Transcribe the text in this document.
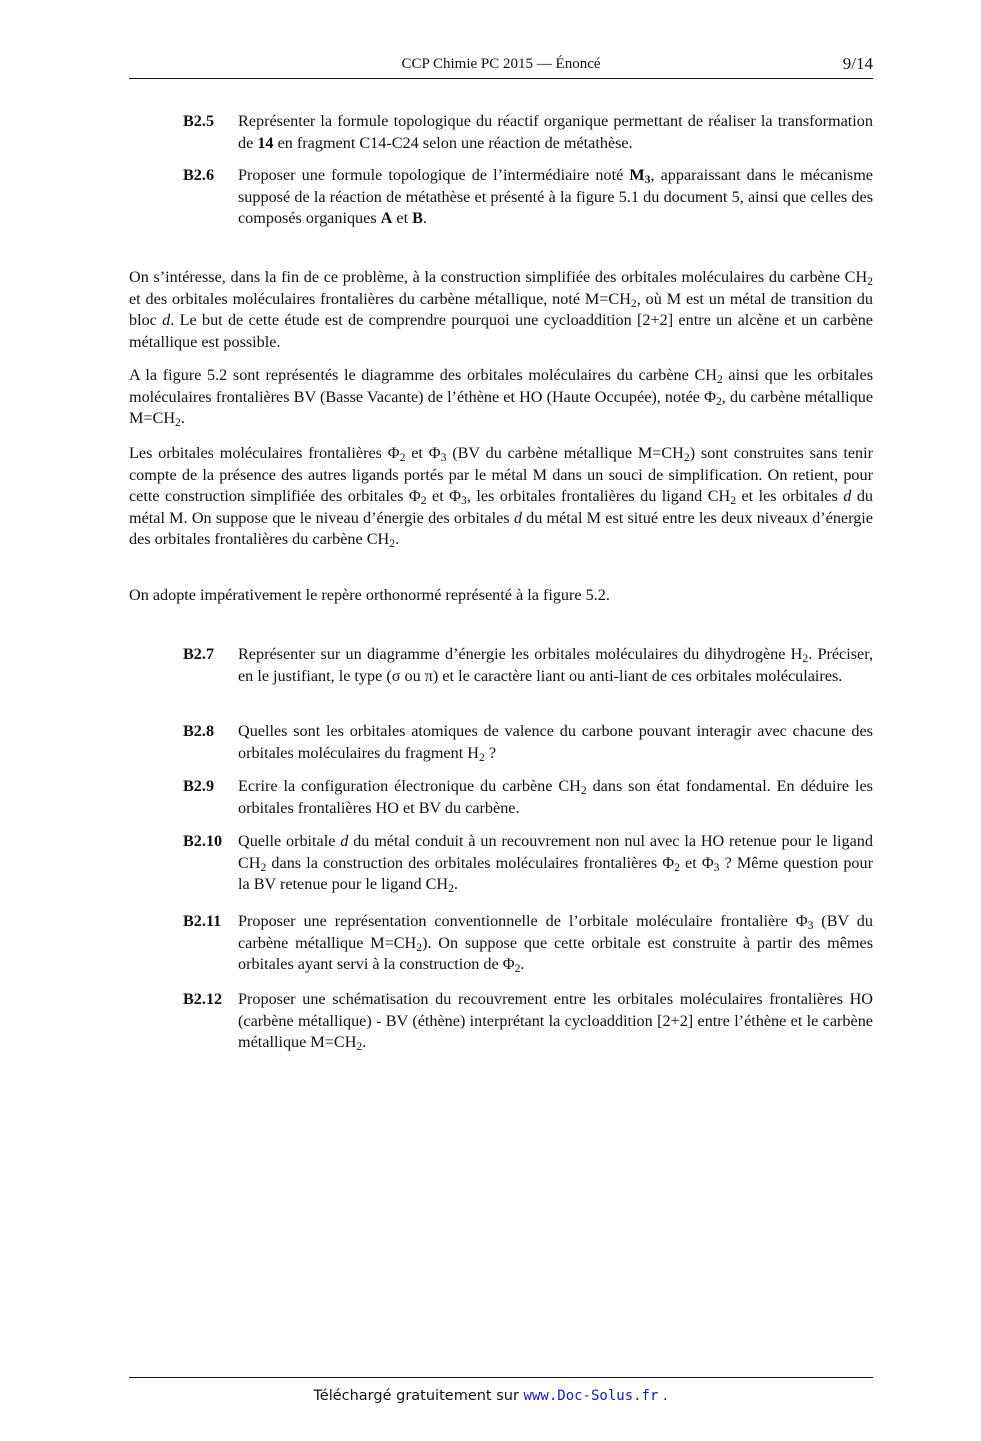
CCP Chimie PC 2015 — Énoncé	9/14
B2.5 Représenter la formule topologique du réactif organique permettant de réaliser la transformation de 14 en fragment C14-C24 selon une réaction de métathèse.
B2.6 Proposer une formule topologique de l’intermédiaire noté $M_3$, apparaissant dans le mécanisme supposé de la réaction de métathèse et présenté à la figure 5.1 du document 5, ainsi que celles des composés organiques A et B.
On s’intéresse, dans la fin de ce problème, à la construction simplifiée des orbitales moléculaires du carbène $CH_2$ et des orbitales moléculaires frontalières du carbène métallique, noté $M=CH_2$, où M est un métal de transition du bloc d. Le but de cette étude est de comprendre pourquoi une cycloaddition [2+2] entre un alcène et un carbène métallique est possible.
A la figure 5.2 sont représentés le diagramme des orbitales moléculaires du carbène $CH_2$ ainsi que les orbitales moléculaires frontalières BV (Basse Vacante) de l’éthène et HO (Haute Occupée), notée $\Phi_2$, du carbène métallique $M=CH_2$.
Les orbitales moléculaires frontalières $\Phi_2$ et $\Phi_3$ (BV du carbène métallique $M=CH_2$) sont construites sans tenir compte de la présence des autres ligands portés par le métal M dans un souci de simplification. On retient, pour cette construction simplifiée des orbitales $\Phi_2$ et $\Phi_3$, les orbitales frontalières du ligand $CH_2$ et les orbitales d du métal M. On suppose que le niveau d’énergie des orbitales d du métal M est situé entre les deux niveaux d’énergie des orbitales frontalières du carbène $CH_2$.
On adopte impérativement le repère orthonormé représenté à la figure 5.2.
B2.7 Représenter sur un diagramme d’énergie les orbitales moléculaires du dihydrogène $H_2$. Préciser, en le justifiant, le type (σ ou π) et le caractère liant ou anti-liant de ces orbitales moléculaires.
B2.8 Quelles sont les orbitales atomiques de valence du carbone pouvant interagir avec chacune des orbitales moléculaires du fragment $H_2$ ?
B2.9 Ecrire la configuration électronique du carbène $CH_2$ dans son état fondamental. En déduire les orbitales frontalières HO et BV du carbène.
B2.10 Quelle orbitale d du métal conduit à un recouvrement non nul avec la HO retenue pour le ligand $CH_2$ dans la construction des orbitales moléculaires frontalières $\Phi_2$ et $\Phi_3$ ? Même question pour la BV retenue pour le ligand $CH_2$.
B2.11 Proposer une représentation conventionnelle de l’orbitale moléculaire frontalière $\Phi_3$ (BV du carbène métallique $M=CH_2$). On suppose que cette orbitale est construite à partir des mêmes orbitales ayant servi à la construction de $\Phi_2$.
B2.12 Proposer une schématisation du recouvrement entre les orbitales moléculaires frontalières HO (carbène métallique) - BV (éthène) interprétant la cycloaddition [2+2] entre l’éthène et le carbène métallique $M=CH_2$.
Téléchargé gratuitement sur www.Doc-Solus.fr .
